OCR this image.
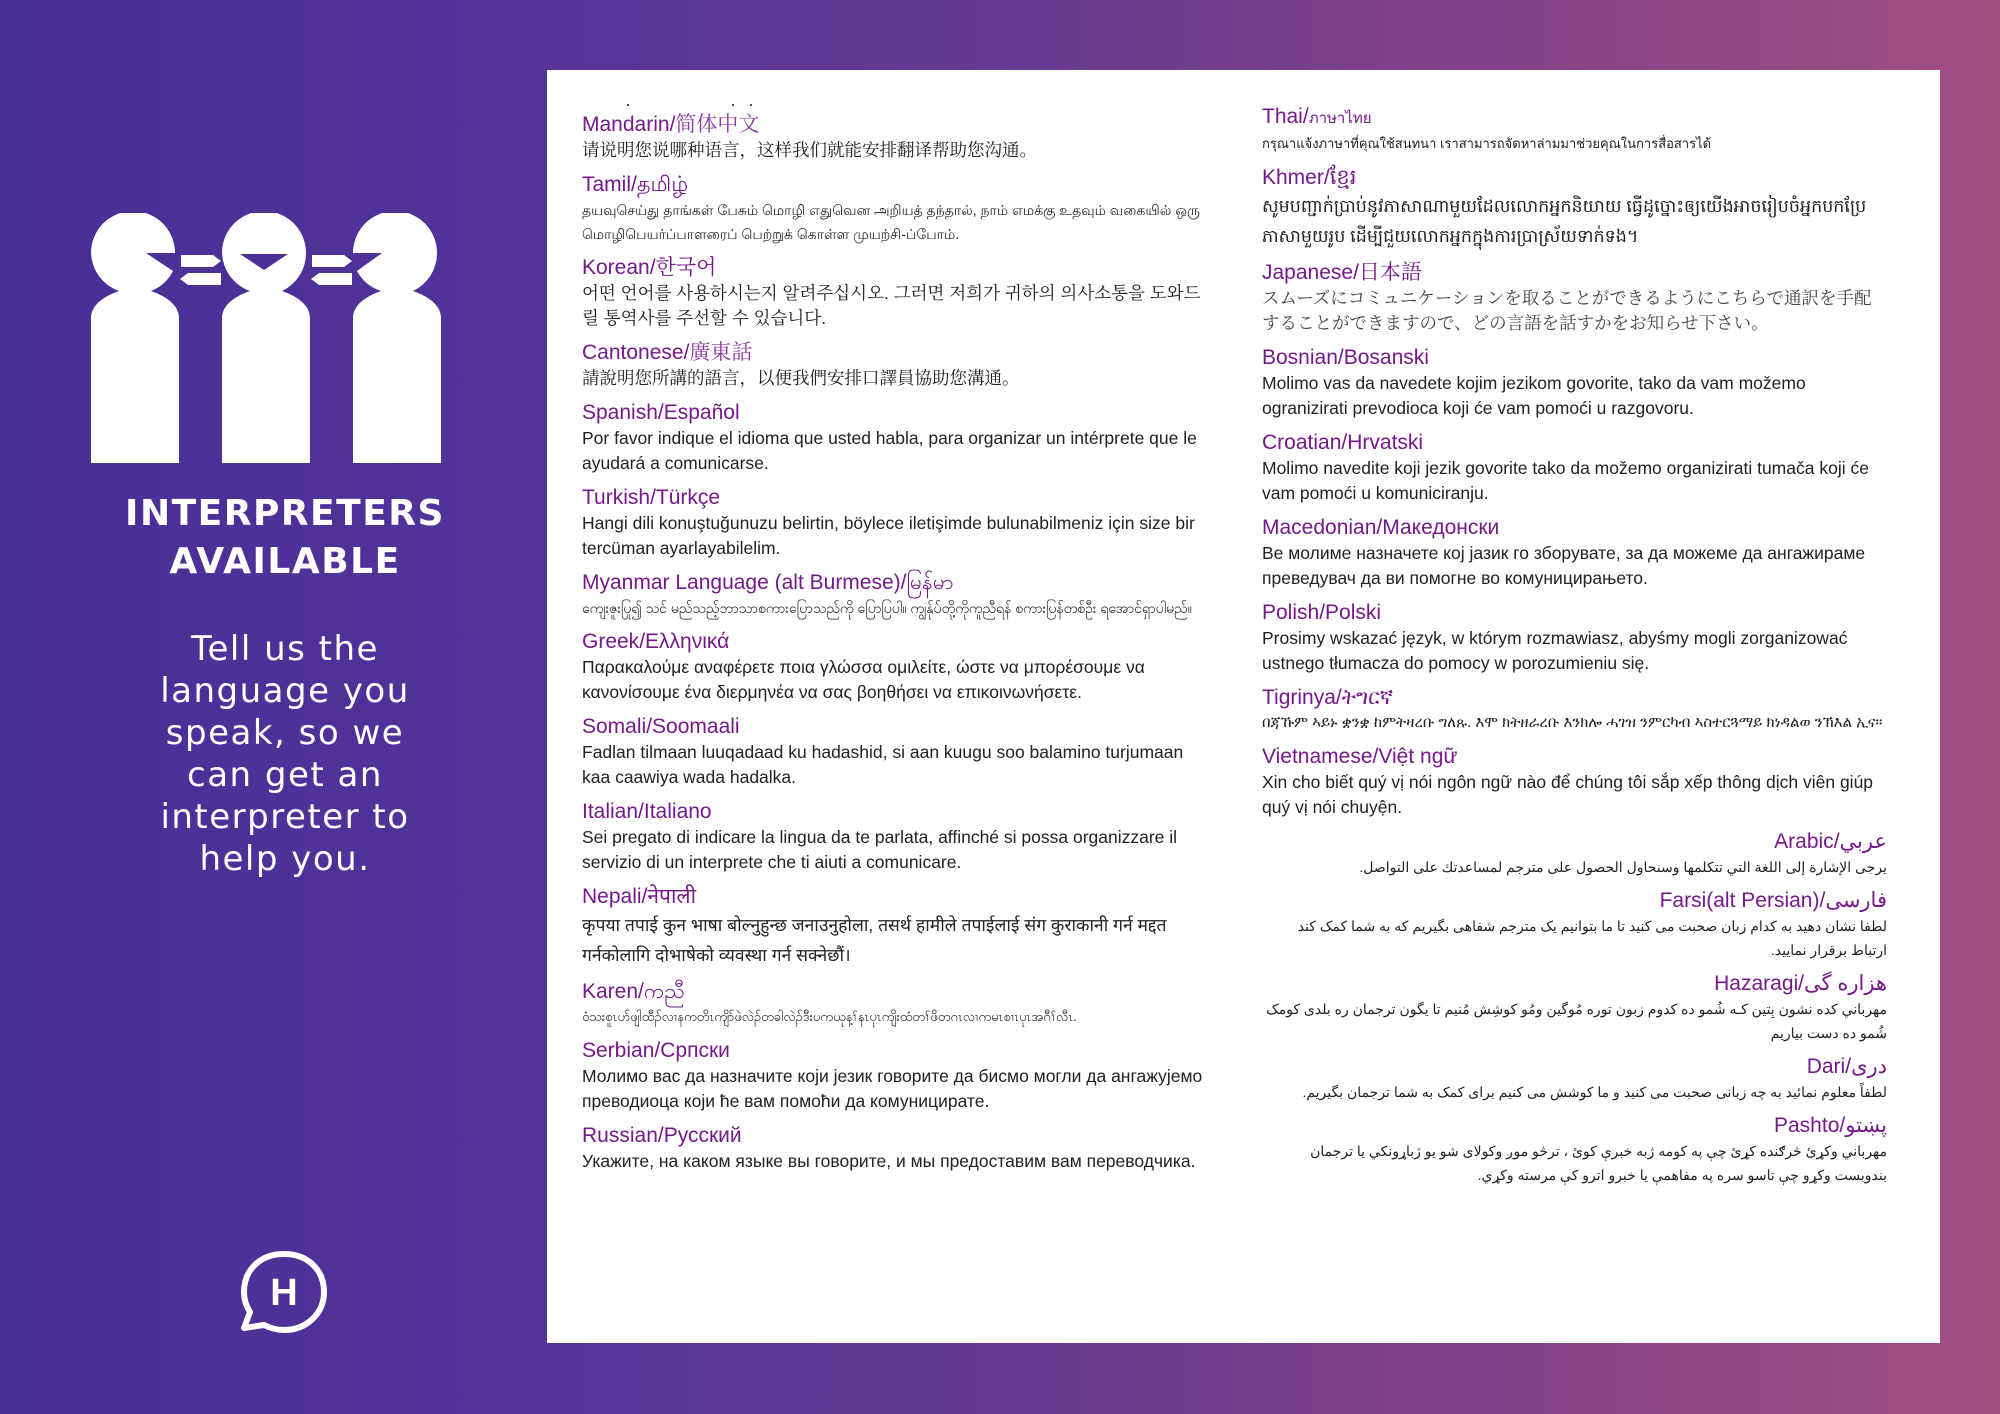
INTERPRETERS
AVAILABLE
Tell us the
language you
speak, so we
can get an
interpreter to
help you.
H
Mandarin/简体中文
请说明您说哪种语言，这样我们就能安排翻译帮助您沟通。
Tamil/தமிழ்
தயவுசெய்து தாங்கள் பேசும் மொழி எதுவென அறியத் தந்தால், நாம் எமக்கு உதவும் வகையில் ஒரு மொழிபெயர்ப்பாளரைப் பெற்றுக் கொள்ள முயற்சி-ப்போம்.
Korean/한국어
어떤 언어를 사용하시는지 알려주십시오. 그러면 저희가 귀하의 의사소통을 도와드릴 통역사를 주선할 수 있습니다.
Cantonese/廣東話
請說明您所講的語言，以便我們安排口譯員協助您溝通。
Spanish/Español
Por favor indique el idioma que usted habla, para organizar un intérprete que le ayudará a comunicarse.
Turkish/Türkçe
Hangi dili konuştuğunuzu belirtin, böylece iletişimde bulunabilmeniz için size bir tercüman ayarlayabilelim.
Myanmar Language (alt Burmese)/မြန်မာ
ကျေးဇူးပြု၍ သင် မည်သည့်ဘာသာစကားပြောသည်ကို ပြောပြပါ။ ကျွန်ုပ်တို့ကိုကူညီရန် စကားပြန်တစ်ဦး ရအောင်ရှာပါမည်။
Greek/Ελληνικά
Παρακαλούμε αναφέρετε ποια γλώσσα ομιλείτε, ώστε να μπορέσουμε να κανονίσουμε ένα διερμηνέα να σας βοηθήσει να επικοινωνήσετε.
Somali/Soomaali
Fadlan tilmaan luuqadaad ku hadashid, si aan kuugu soo balamino turjumaan kaa caawiya wada hadalka.
Italian/Italiano
Sei pregato di indicare la lingua da te parlata, affinché si possa organizzare il servizio di un interprete che ti aiuti a comunicare.
Nepali/नेपाली
कृपया तपाई कुन भाषा बोल्नुहुन्छ जनाउनुहोला, तसर्थ हामीले तपाईलाई संग कुराकानी गर्न मद्दत गर्नकोलागि दोभाषेको व्यवस्था गर्न सक्नेछौं।
Karen/ကညီ
ဝံသးစူၤဟ်ဖျါထီၣ်လၢနကတိၤကျိာ်ဖဲလဲၣ်တခါလဲၣ်ဒီးပကယုန့ၢ်နၤပုၤကျိးထံတၢ်ဖိတဂၤလၢကမၤစၢၤပုၤအဂီၢ်လီၤ.
Serbian/Српски
Молимо вас да назначите који језик говорите да бисмо могли да ангажујемо преводиоца који ће вам помоћи да комуницирате.
Russian/Русский
Укажите, на каком языке вы говорите, и мы предоставим вам переводчика.
Thai/ภาษาไทย
กรุณาแจ้งภาษาที่คุณใช้สนทนา เราสามารถจัดหาล่ามมาช่วยคุณในการสื่อสารได้
Khmer/ខ្មែរ
សូមបញ្ជាក់ប្រាប់នូវភាសាណាមួយដែលលោកអ្នកនិយាយ ធ្វើដូច្នោះឲ្យយើងអាចរៀបចំអ្នកបកប្រែភាសាមួយរូប ដើម្បីជួយលោកអ្នកក្នុងការប្រាស្រ័យទាក់ទង។
Japanese/日本語
スムーズにコミュニケーションを取ることができるようにこちらで通訳を手配することができますので、どの言語を話すかをお知らせ下さい。
Bosnian/Bosanski
Molimo vas da navedete kojim jezikom govorite, tako da vam možemo ogranizirati prevodioca koji će vam pomoći u razgovoru.
Croatian/Hrvatski
Molimo navedite koji jezik govorite tako da možemo organizirati tumača koji će vam pomoći u komuniciranju.
Macedonian/Македонски
Ве молиме назначете кој јазик го зборувате, за да можеме да ангажираме преведувач да ви помогне во комуницирањето.
Polish/Polski
Prosimy wskazać język, w którym rozmawiasz, abyśmy mogli zorganizować ustnego tłumacza do pomocy w porozumieniu się.
Tigrinya/ትግርኛ
በጃኹም ኣይኑ ቋንቋ ከምትዛረቡ ግለጹ. እሞ ክትዘራረቡ እንክሎ ሓገዝ ንምርካብ ኣስተርጓማይ ክነዳልወ ንኽእል ኢና።
Vietnamese/Việt ngữ
Xin cho biết quý vị nói ngôn ngữ nào để chúng tôi sắp xếp thông dịch viên giúp quý vị nói chuyện.
عربي/Arabic
يرجى الإشارة إلى اللغة التي تتكلمها وسنحاول الحصول على مترجم لمساعدتك على التواصل.
فارسی/Farsi(alt Persian)
لطفا نشان دهید به کدام زبان صحبت می کنید تا ما بتوانیم یک مترجم شفاهی بگیریم که به شما کمک کند ارتباط برقرار نمایید.
هزاره گی/Hazaragi
مهرباني كده نشون بِتين كـه شُمو ده كدوم زبون توره مُوگين ومُو كوشِش مُنيم تا يگون ترجمان ره بلدى كومک شُمو ده دست بياريم
دری/Dari
لطفاً معلوم نمائید به چه زبانی صحبت می کنید و ما کوشش می کنیم برای کمک به شما ترجمان بگیریم.
پښتو/Pashto
مهرباني وکړئ څرګنده کړئ چې په کومه ژبه خبرې کوئ ، ترڅو موږ وکولای شو یو ژباړونکي یا ترجمان بندوبست وکړو چې تاسو سره په مفاهمې یا خبرو اترو کې مرسته وکړي.
